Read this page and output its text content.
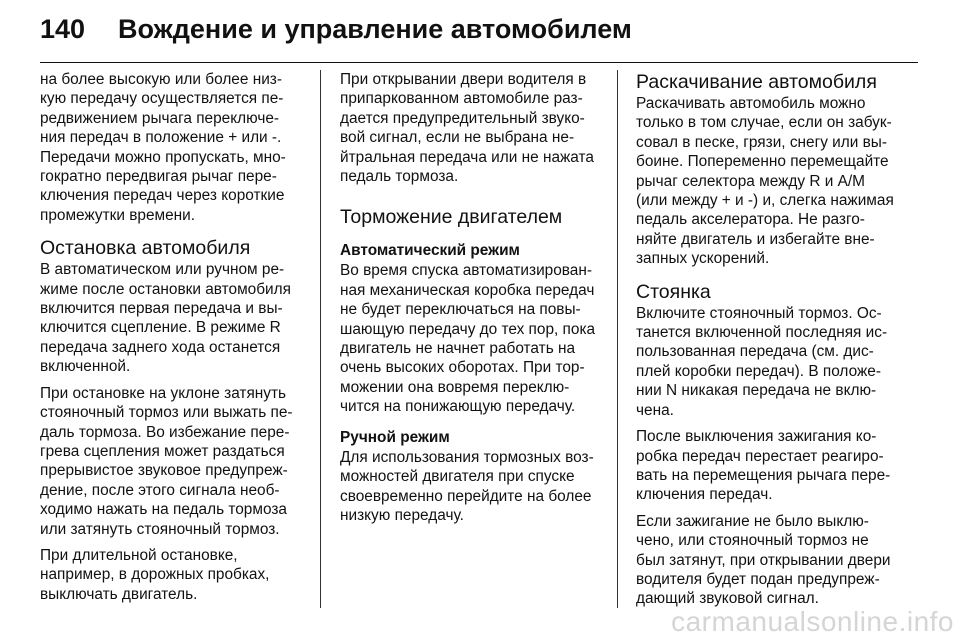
140	Вождение и управление автомобилем

на более высокую или более низ-
кую передачу осуществляется пе-
редвижением рычага переключе-
ния передач в положение + или -.
Передачи можно пропускать, мно-
гократно передвигая рычаг пере-
ключения передач через короткие
промежутки времени.

Остановка автомобиля

В автоматическом или ручном ре-
жиме после остановки автомобиля
включится первая передача и вы-
ключится сцепление. В режиме R
передача заднего хода останется
включенной.

При остановке на уклоне затянуть
стояночный тормоз или выжать пе-
даль тормоза. Во избежание пере-
грева сцепления может раздаться
прерывистое звуковое предупреж-
дение, после этого сигнала необ-
ходимо нажать на педаль тормоза
или затянуть стояночный тормоз.

При длительной остановке,
например, в дорожных пробках,
выключать двигатель.

При открывании двери водителя в
припаркованном автомобиле раз-
дается предупредительный звуко-
вой сигнал, если не выбрана не-
йтральная передача или не нажата
педаль тормоза.

Торможение двигателем
Автоматический режим

Во время спуска автоматизирован-
ная механическая коробка передач
не будет переключаться на повы-
шающую передачу до тех пор, пока
двигатель не начнет работать на
очень высоких оборотах. При тор-
можении она вовремя переклю-
чится на понижающую передачу.

Ручной режим

Для использования тормозных воз-
можностей двигателя при спуске
своевременно перейдите на более
низкую передачу.

Раскачивание автомобиля

Раскачивать автомобиль можно
только в том случае, если он забук-
совал в песке, грязи, снегу или вы-
боине. Попеременно перемещайте
рычаг селектора между R и A/M
(или между + и -) и, слегка нажимая
педаль акселератора. Не разго-
няйте двигатель и избегайте вне-
запных ускорений.

Стоянка

Включите стояночный тормоз. Ос-
танется включенной последняя ис-
пользованная передача (см. дис-
плей коробки передач). В положе-
нии N никакая передача не вклю-
чена.

После выключения зажигания ко-
робка передач перестает реагиро-
вать на перемещения рычага пере-
ключения передач.

Если зажигание не было выклю-
чено, или стояночный тормоз не
был затянут, при открывании двери
водителя будет подан предупреж-
дающий звуковой сигнал.

carmanualsonline.info
